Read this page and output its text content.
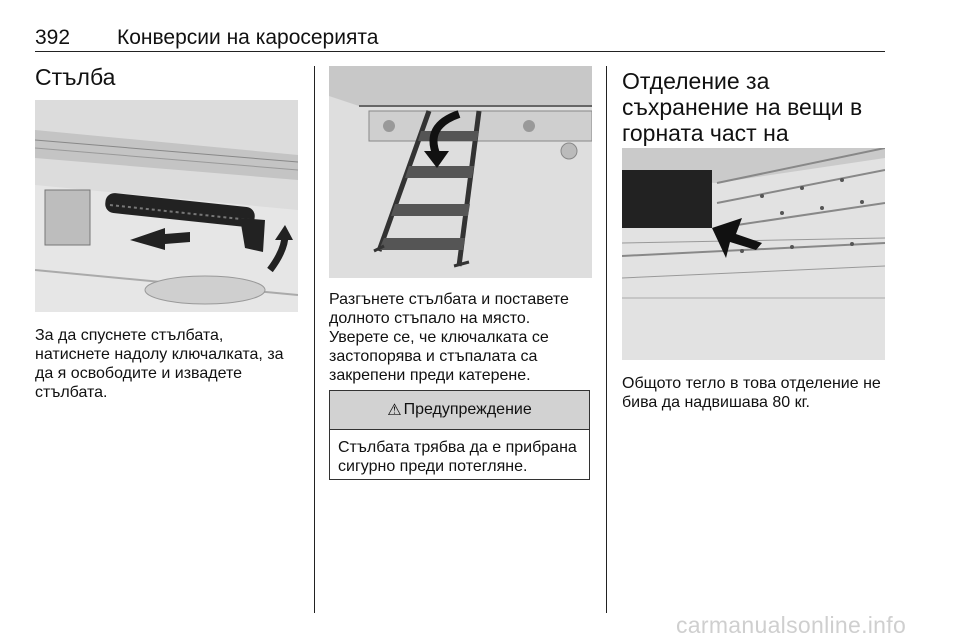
392 Конверсии на каросерията
Стълба

За да спуснете стълбата, натиснете надолу ключалката, за да я освободите и извадете стълбата.

Разгънете стълбата и поставете долното стъпало на място. Уверете се, че ключалката се застопорява и стъпалата са закрепени преди катерене.

⚠ Предупреждение
Стълбата трябва да е прибрана сигурно преди потегляне.
Отделение за съхранение на вещи в горната част на

Общото тегло в това отделение не бива да надвишава 80 кг.

carmanualsonline.info
